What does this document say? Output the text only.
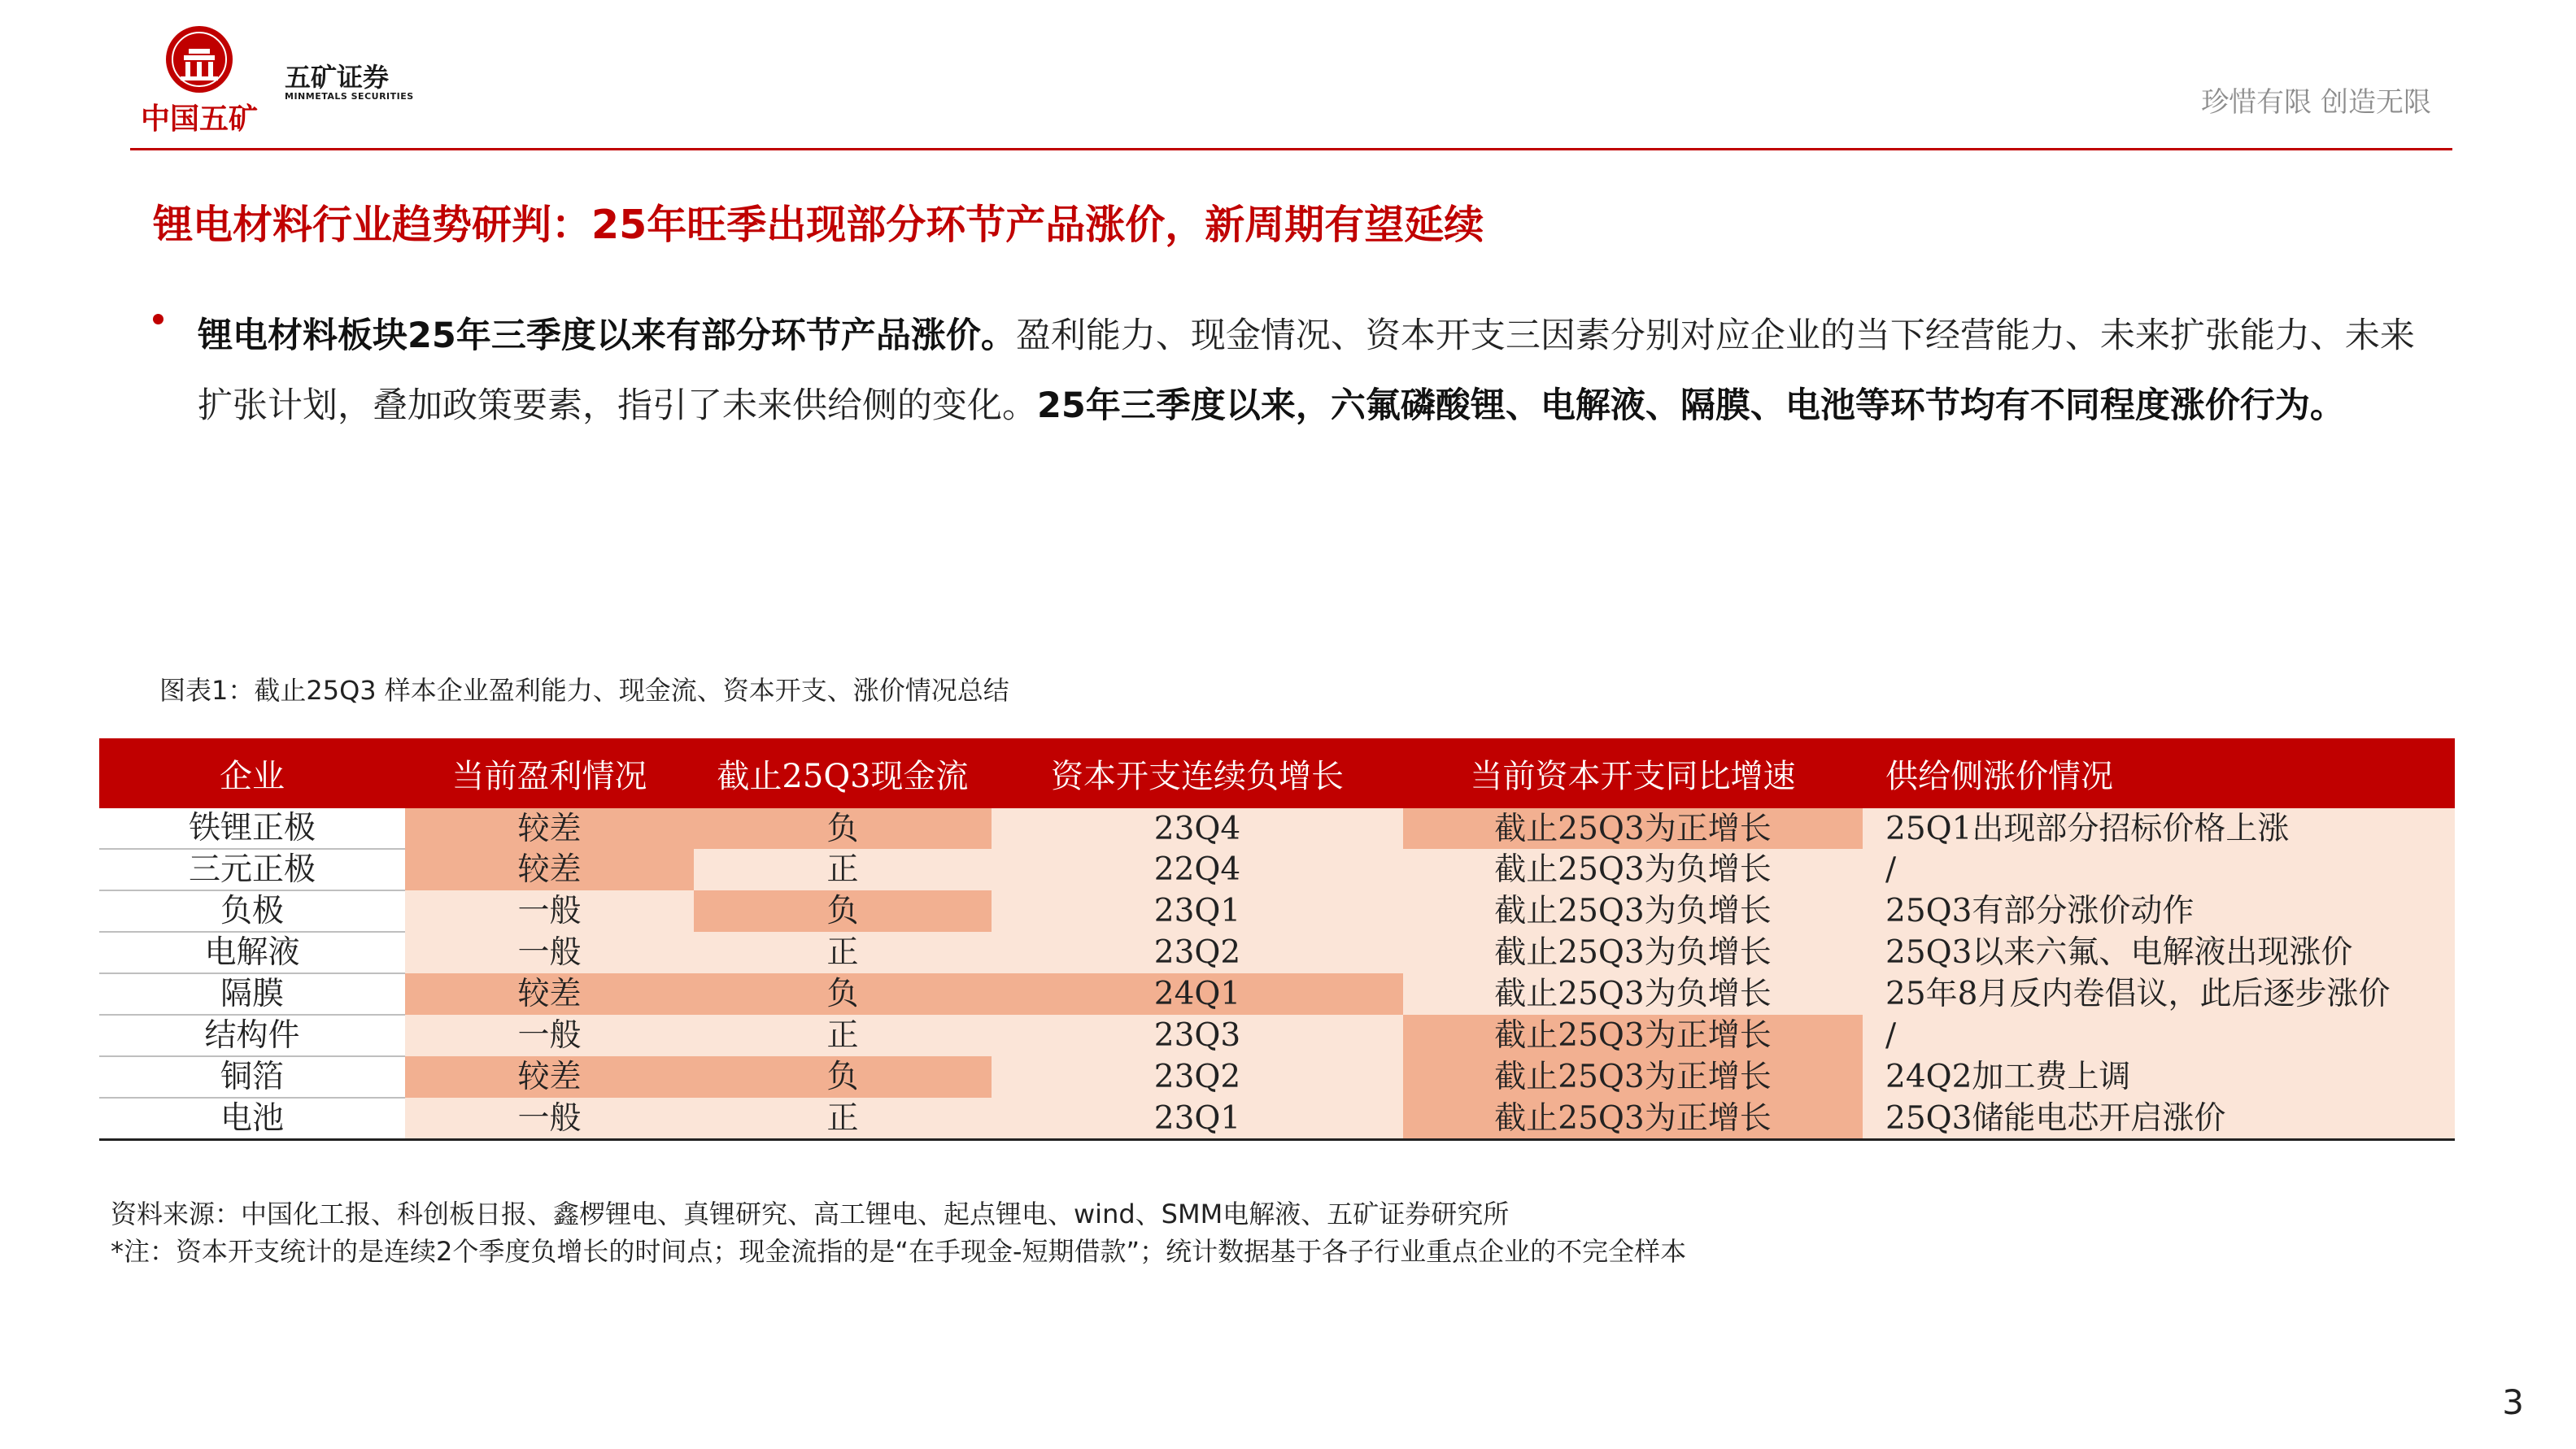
中国五矿
五矿证券
MINMETALS SECURITIES	珍惜有限 创造无限
锂电材料行业趋势研判：25年旺季出现部分环节产品涨价，新周期有望延续
锂电材料板块25年三季度以来有部分环节产品涨价。盈利能力、现金情况、资本开支三因素分别对应企业的当下经营能力、未来扩张能力、未来扩张计划，叠加政策要素，指引了未来供给侧的变化。25年三季度以来，六氟磷酸锂、电解液、隔膜、电池等环节均有不同程度涨价行为。
图表1：截止25Q3 样本企业盈利能力、现金流、资本开支、涨价情况总结
企业	当前盈利情况	截止25Q3现金流	资本开支连续负增长	当前资本开支同比增速	供给侧涨价情况
铁锂正极	较差	负	23Q4	截止25Q3为正增长	25Q1出现部分招标价格上涨
三元正极	较差	正	22Q4	截止25Q3为负增长	/
负极	一般	负	23Q1	截止25Q3为负增长	25Q3有部分涨价动作
电解液	一般	正	23Q2	截止25Q3为负增长	25Q3以来六氟、电解液出现涨价
隔膜	较差	负	24Q1	截止25Q3为负增长	25年8月反内卷倡议，此后逐步涨价
结构件	一般	正	23Q3	截止25Q3为正增长	/
铜箔	较差	负	23Q2	截止25Q3为正增长	24Q2加工费上调
电池	一般	正	23Q1	截止25Q3为正增长	25Q3储能电芯开启涨价
资料来源：中国化工报、科创板日报、鑫椤锂电、真锂研究、高工锂电、起点锂电、wind、SMM电解液、五矿证券研究所
*注：资本开支统计的是连续2个季度负增长的时间点；现金流指的是“在手现金-短期借款”；统计数据基于各子行业重点企业的不完全样本
3
